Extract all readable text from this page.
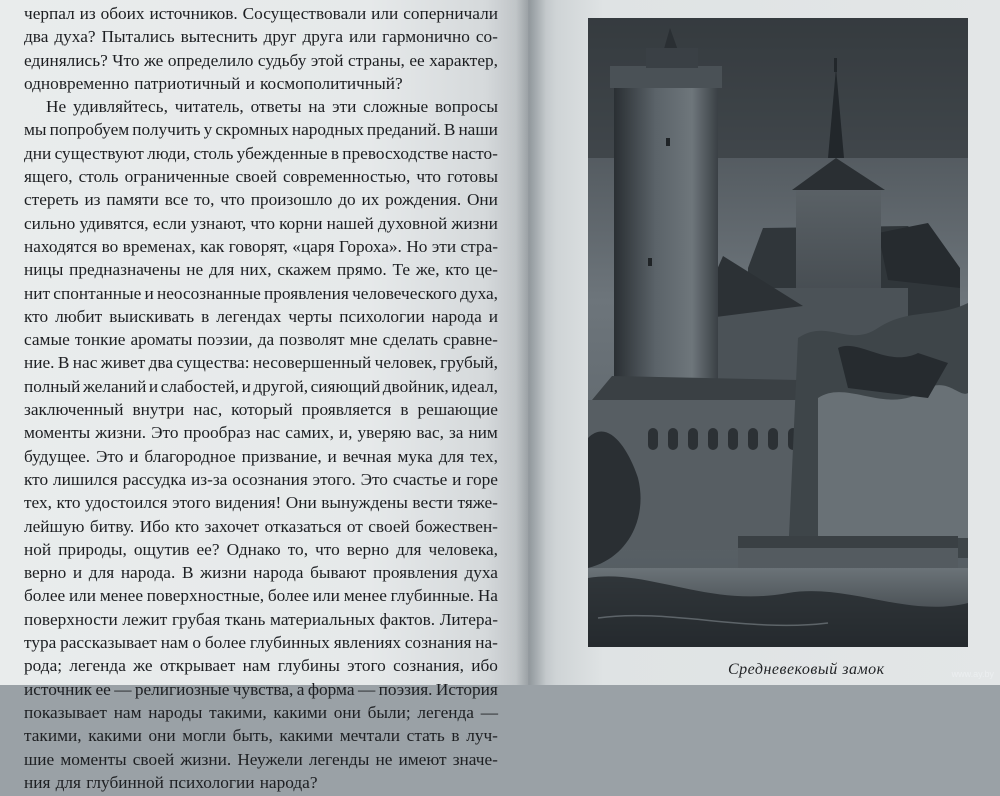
черпал из обоих источников. Сосуществовали или соперничали
два духа? Пытались вытеснить друг друга или гармонично со-
единялись? Что же определило судьбу этой страны, ее характер,
одновременно патриотичный и космополитичный?
Не удивляйтесь, читатель, ответы на эти сложные вопросы
мы попробуем получить у скромных народных преданий. В наши
дни существуют люди, столь убежденные в превосходстве насто-
ящего, столь ограниченные своей современностью, что готовы
стереть из памяти все то, что произошло до их рождения. Они
сильно удивятся, если узнают, что корни нашей духовной жизни
находятся во временах, как говорят, «царя Гороха». Но эти стра-
ницы предназначены не для них, скажем прямо. Те же, кто це-
нит спонтанные и неосознанные проявления человеческого духа,
кто любит выискивать в легендах черты психологии народа и
самые тонкие ароматы поэзии, да позволят мне сделать сравне-
ние. В нас живет два существа: несовершенный человек, грубый,
полный желаний и слабостей, и другой, сияющий двойник, идеал,
заключенный внутри нас, который проявляется в решающие
моменты жизни. Это прообраз нас самих, и, уверяю вас, за ним
будущее. Это и благородное призвание, и вечная мука для тех,
кто лишился рассудка из-за осознания этого. Это счастье и горе
тех, кто удостоился этого видения! Они вынуждены вести тяже-
лейшую битву. Ибо кто захочет отказаться от своей божествен-
ной природы, ощутив ее? Однако то, что верно для человека,
верно и для народа. В жизни народа бывают проявления духа
более или менее поверхностные, более или менее глубинные. На
поверхности лежит грубая ткань материальных фактов. Литера-
тура рассказывает нам о более глубинных явлениях сознания на-
рода; легенда же открывает нам глубины этого сознания, ибо
источник ее — религиозные чувства, а форма — поэзия. История
показывает нам народы такими, какими они были; легенда —
такими, какими они могли быть, какими мечтали стать в луч-
шие моменты своей жизни. Неужели легенды не имеют значе-
ния для глубинной психологии народа?
Средневековый замок	www.ay.by
